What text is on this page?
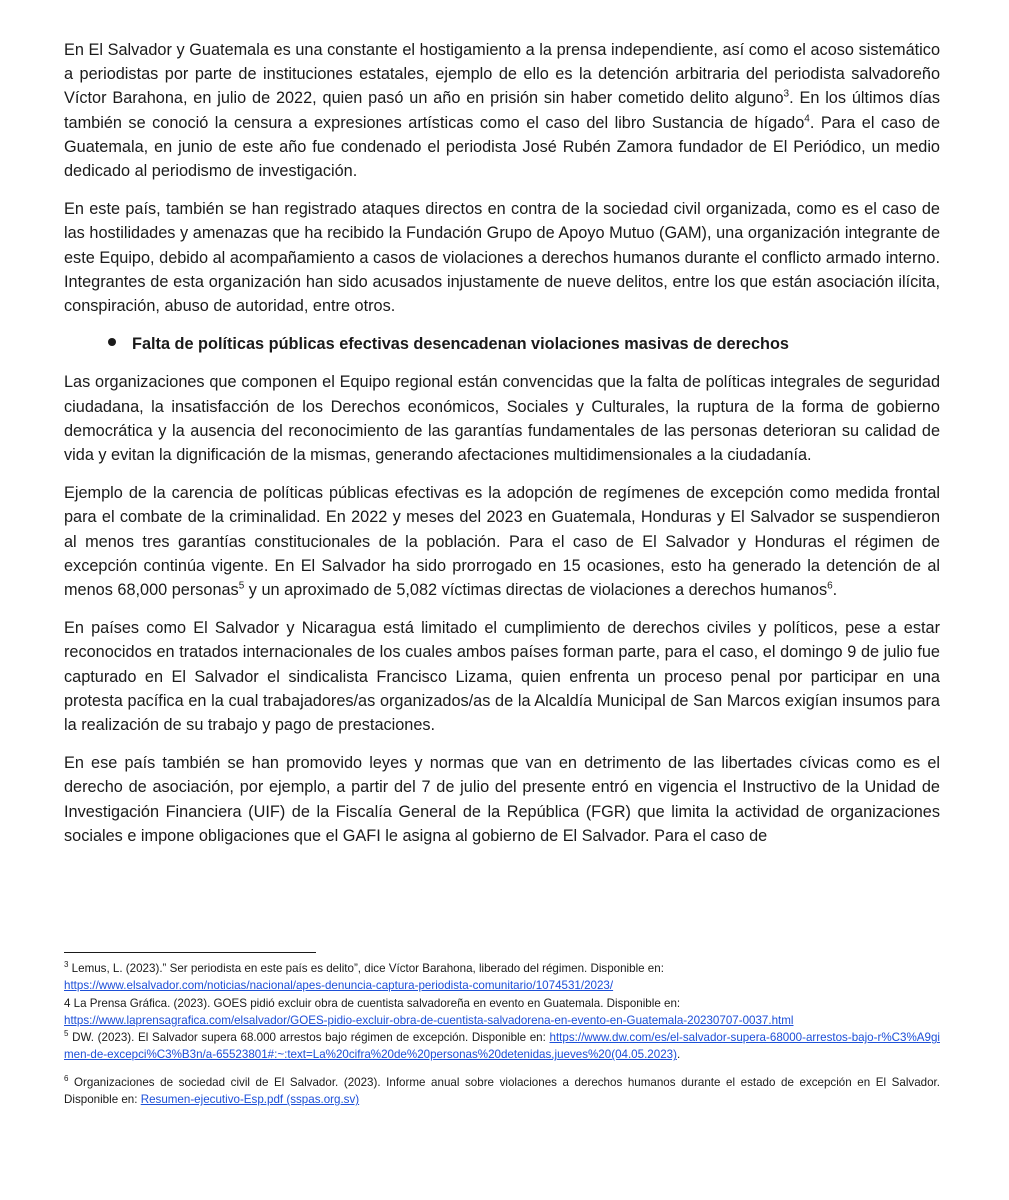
En El Salvador y Guatemala es una constante el hostigamiento a la prensa independiente, así como el acoso sistemático a periodistas por parte de instituciones estatales, ejemplo de ello es la detención arbitraria del periodista salvadoreño Víctor Barahona, en julio de 2022, quien pasó un año en prisión sin haber cometido delito alguno$^3$. En los últimos días también se conoció la censura a expresiones artísticas como el caso del libro Sustancia de hígado$^4$. Para el caso de Guatemala, en junio de este año fue condenado el periodista José Rubén Zamora fundador de El Periódico, un medio dedicado al periodismo de investigación.

En este país, también se han registrado ataques directos en contra de la sociedad civil organizada, como es el caso de las hostilidades y amenazas que ha recibido la Fundación Grupo de Apoyo Mutuo (GAM), una organización integrante de este Equipo, debido al acompañamiento a casos de violaciones a derechos humanos durante el conflicto armado interno. Integrantes de esta organización han sido acusados injustamente de nueve delitos, entre los que están asociación ilícita, conspiración, abuso de autoridad, entre otros.

Falta de políticas públicas efectivas desencadenan violaciones masivas de derechos

Las organizaciones que componen el Equipo regional están convencidas que la falta de políticas integrales de seguridad ciudadana, la insatisfacción de los Derechos económicos, Sociales y Culturales, la ruptura de la forma de gobierno democrática y la ausencia del reconocimiento de las garantías fundamentales de las personas deterioran su calidad de vida y evitan la dignificación de la mismas, generando afectaciones multidimensionales a la ciudadanía.

Ejemplo de la carencia de políticas públicas efectivas es la adopción de regímenes de excepción como medida frontal para el combate de la criminalidad. En 2022 y meses del 2023 en Guatemala, Honduras y El Salvador se suspendieron al menos tres garantías constitucionales de la población. Para el caso de El Salvador y Honduras el régimen de excepción continúa vigente. En El Salvador ha sido prorrogado en 15 ocasiones, esto ha generado la detención de al menos 68,000 personas$^5$ y un aproximado de 5,082 víctimas directas de violaciones a derechos humanos$^6$.

En países como El Salvador y Nicaragua está limitado el cumplimiento de derechos civiles y políticos, pese a estar reconocidos en tratados internacionales de los cuales ambos países forman parte, para el caso, el domingo 9 de julio fue capturado en El Salvador el sindicalista Francisco Lizama, quien enfrenta un proceso penal por participar en una protesta pacífica en la cual trabajadores/as organizados/as de la Alcaldía Municipal de San Marcos exigían insumos para la realización de su trabajo y pago de prestaciones.

En ese país también se han promovido leyes y normas que van en detrimento de las libertades cívicas como es el derecho de asociación, por ejemplo, a partir del 7 de julio del presente entró en vigencia el Instructivo de la Unidad de Investigación Financiera (UIF) de la Fiscalía General de la República (FGR) que limita la actividad de organizaciones sociales e impone obligaciones que el GAFI le asigna al gobierno de El Salvador. Para el caso de

$^3$ Lemus, L. (2023).” Ser periodista en este país es delito”, dice Víctor Barahona, liberado del régimen. Disponible en:
https://www.elsalvador.com/noticias/nacional/apes-denuncia-captura-periodista-comunitario/1074531/2023/
4 La Prensa Gráfica. (2023). GOES pidió excluir obra de cuentista salvadoreña en evento en Guatemala. Disponible en:
https://www.laprensagrafica.com/elsalvador/GOES-pidio-excluir-obra-de-cuentista-salvadorena-en-evento-en-Guatemala-20230707-0037.html
$^5$ DW. (2023). El Salvador supera 68.000 arrestos bajo régimen de excepción. Disponible en: https://www.dw.com/es/el-salvador-supera-68000-arrestos-bajo-r%C3%A9gimen-de-excepci%C3%B3n/a-65523801#:~:text=La%20cifra%20de%20personas%20detenidas,jueves%20(04.05.2023).
$^6$ Organizaciones de sociedad civil de El Salvador. (2023). Informe anual sobre violaciones a derechos humanos durante el estado de excepción en El Salvador. Disponible en: Resumen-ejecutivo-Esp.pdf (sspas.org.sv)
